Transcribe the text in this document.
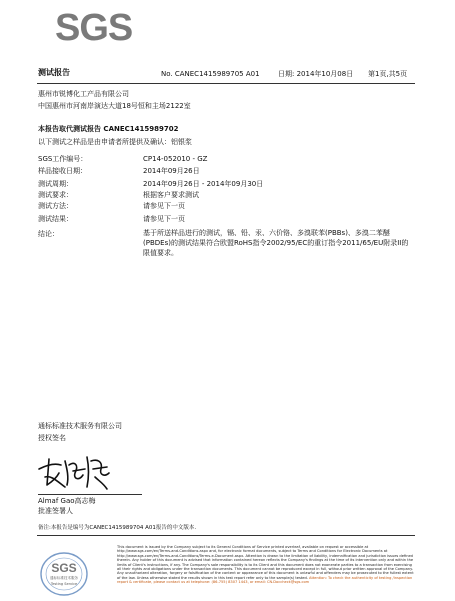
SGS
测试报告	No. CANEC1415989705 A01	日期: 2014年10月08日 第1页,共5页
惠州市锐博化工产品有限公司
中国惠州市河南岸演达大道18号恒和主场2122室
本报告取代测试报告 CANEC1415989702
以下测试之样品是由申请者所提供及确认：铝银浆
SGS工作编号：	CP14-052010 - GZ
样品接收日期：	2014年09月26日
测试周期：	2014年09月26日 - 2014年09月30日
测试要求：	根据客户要求测试
测试方法：	请参见下一页
测试结果：	请参见下一页
结论：	基于所送样品进行的测试，镉、铅、汞、六价铬、多溴联苯(PBBs)、多溴二苯醚(PBDEs)的测试结果符合欧盟RoHS指令2002/95/EC的重订指令2011/65/EU附录II的限值要求。
通标标准技术服务有限公司
授权签名
Almaf Gao高志梅
批准签署人
备注:本报告是编号为CANEC1415989704 A01报告的中文版本.
SGS
通标标准技术服务
Testing Service
This document is issued by the Company subject to its General Conditions of Service printed overleaf, available on request or accessible at http://www.sgs.com/en/Terms-and-Conditions.aspx and, for electronic format documents, subject to Terms and Conditions for Electronic Documents at http://www.sgs.com/en/Terms-and-Conditions/Terms-e-Document.aspx. Attention is drawn to the limitation of liability, indemnification and jurisdiction issues defined therein. Any holder of this document is advised that information contained hereon reflects the Company's findings at the time of its intervention only and within the limits of Client's instructions, if any. The Company's sole responsibility is to its Client and this document does not exonerate parties to a transaction from exercising all their rights and obligations under the transaction documents. This document cannot be reproduced except in full, without prior written approval of the Company. Any unauthorized alteration, forgery or falsification of the content or appearance of this document is unlawful and offenders may be prosecuted to the fullest extent of the law. Unless otherwise stated the results shown in this test report refer only to the sample(s) tested. Attention: To check the authenticity of testing /inspection report & certificate, please contact us at telephone: (86-755) 8307 1443, or email: CN.Doccheck@sgs.com
